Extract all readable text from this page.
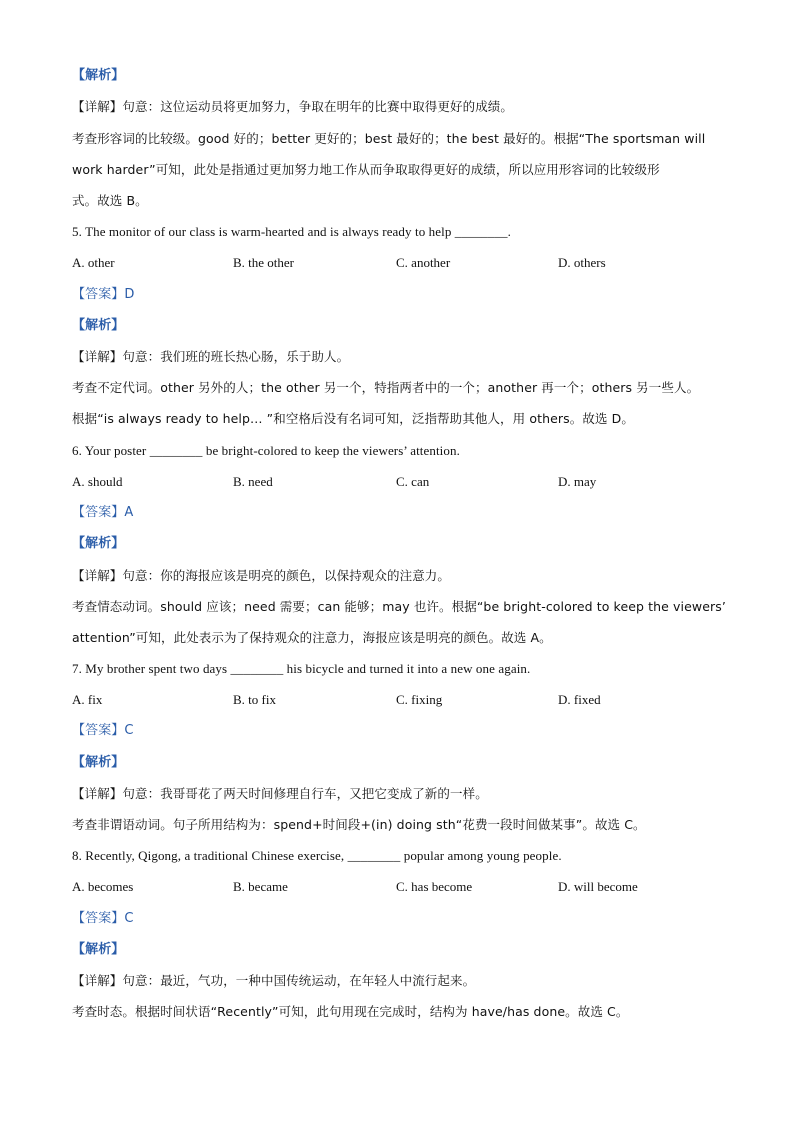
【解析】
【详解】句意：这位运动员将更加努力，争取在明年的比赛中取得更好的成绩。
考查形容词的比较级。good 好的；better 更好的；best 最好的；the best 最好的。根据“The sportsman will
work harder”可知，此处是指通过更加努力地工作从而争取取得更好的成绩，所以应用形容词的比较级形
式。故选 B。
5. The monitor of our class is warm-hearted and is always ready to help ________.
A. other	B. the other	C. another	D. others
【答案】D
【解析】
【详解】句意：我们班的班长热心肠，乐于助人。
考查不定代词。other 另外的人；the other 另一个，特指两者中的一个；another 再一个；others 另一些人。
根据“is always ready to help… ”和空格后没有名词可知，泛指帮助其他人，用 others。故选 D。
6. Your poster ________ be bright-colored to keep the viewers’ attention.
A. should	B. need	C. can	D. may
【答案】A
【解析】
【详解】句意：你的海报应该是明亮的颜色，以保持观众的注意力。
考查情态动词。should 应该；need 需要；can 能够；may 也许。根据“be bright-colored to keep the viewers’
attention”可知，此处表示为了保持观众的注意力，海报应该是明亮的颜色。故选 A。
7. My brother spent two days ________ his bicycle and turned it into a new one again.
A. fix	B. to fix	C. fixing	D. fixed
【答案】C
【解析】
【详解】句意：我哥哥花了两天时间修理自行车，又把它变成了新的一样。
考查非谓语动词。句子所用结构为：spend+时间段+(in) doing sth“花费一段时间做某事”。故选 C。
8. Recently, Qigong, a traditional Chinese exercise, ________ popular among young people.
A. becomes	B. became	C. has become	D. will become
【答案】C
【解析】
【详解】句意：最近，气功，一种中国传统运动，在年轻人中流行起来。
考查时态。根据时间状语“Recently”可知，此句用现在完成时，结构为 have/has done。故选 C。
